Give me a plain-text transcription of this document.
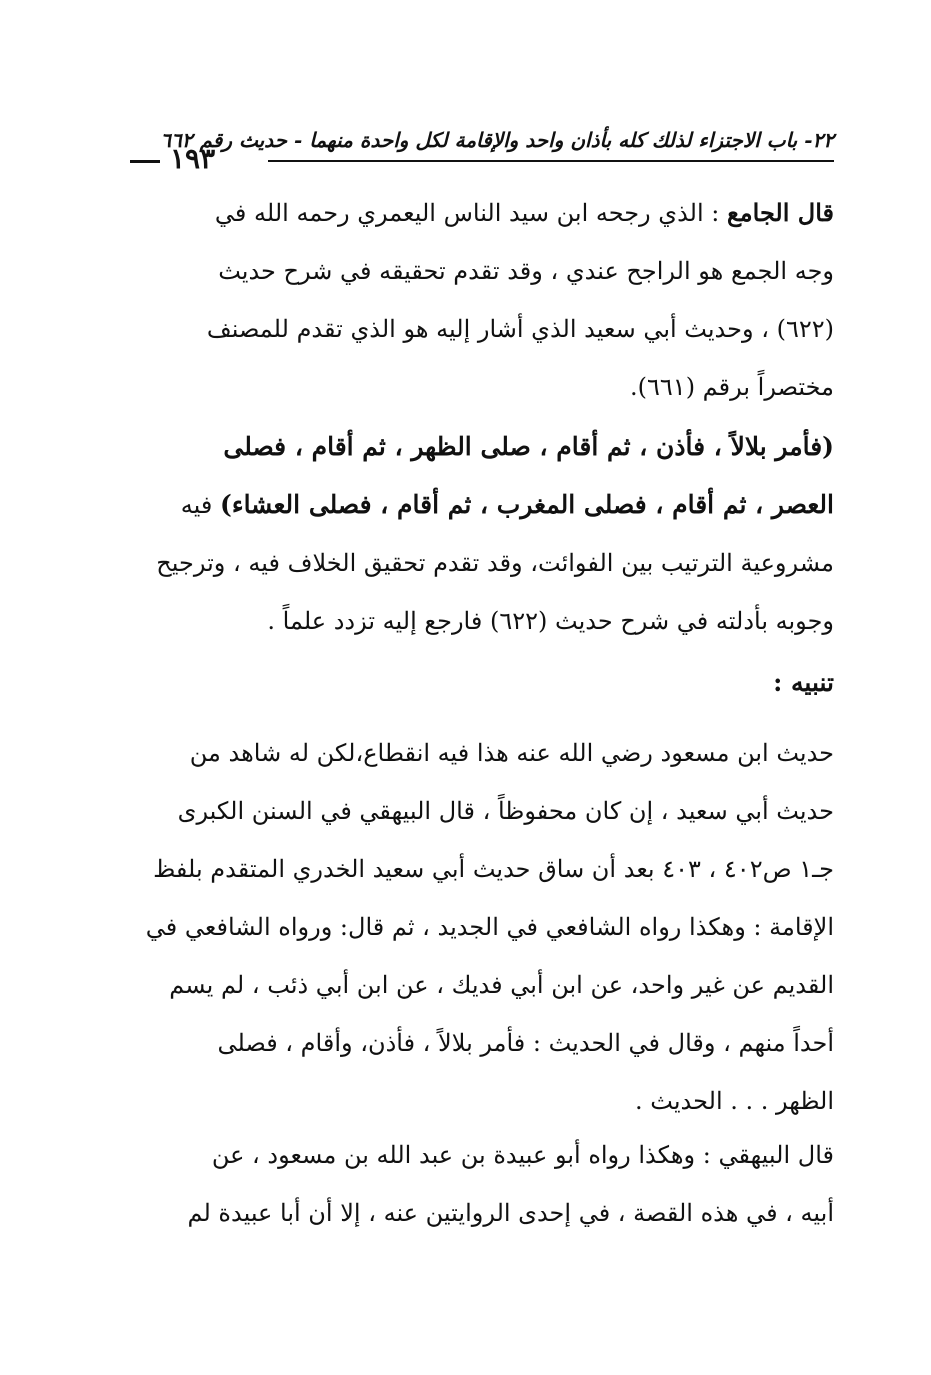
٢٢- باب الاجتزاء لذلك كله بأذان واحد والإقامة لكل واحدة منهما - حديث رقم ٦٦٢
١٩٣
قال الجامع : الذي رجحه ابن سيد الناس اليعمري رحمه الله في
وجه الجمع هو الراجح عندي ، وقد تقدم تحقيقه في شرح حديث
(٦٢٢) ، وحديث أبي سعيد الذي أشار إليه هو الذي تقدم للمصنف
مختصراً برقم (٦٦١).
(فأمر بلالاً ، فأذن ، ثم أقام ، صلى الظهر ، ثم أقام ، فصلى
العصر ، ثم أقام ، فصلى المغرب ، ثم أقام ، فصلى العشاء) فيه
مشروعية الترتيب بين الفوائت، وقد تقدم تحقيق الخلاف فيه ، وترجيح
وجوبه بأدلته في شرح حديث (٦٢٢) فارجع إليه تزدد علماً .
تنبيه :
حديث ابن مسعود رضي الله عنه هذا فيه انقطاع،لكن له شاهد من
حديث أبي سعيد ، إن كان محفوظاً ، قال البيهقي في السنن الكبرى
جـ١ ص٤٠٢ ، ٤٠٣ بعد أن ساق حديث أبي سعيد الخدري المتقدم بلفظ
الإقامة : وهكذا رواه الشافعي في الجديد ، ثم قال: ورواه الشافعي في
القديم عن غير واحد، عن ابن أبي فديك ، عن ابن أبي ذئب ، لم يسم
أحداً منهم ، وقال في الحديث : فأمر بلالاً ، فأذن، وأقام ، فصلى
الظهر . . . الحديث .
قال البيهقي : وهكذا رواه أبو عبيدة بن عبد الله بن مسعود ، عن
أبيه ، في هذه القصة ، في إحدى الروايتين عنه ، إلا أن أبا عبيدة لم
